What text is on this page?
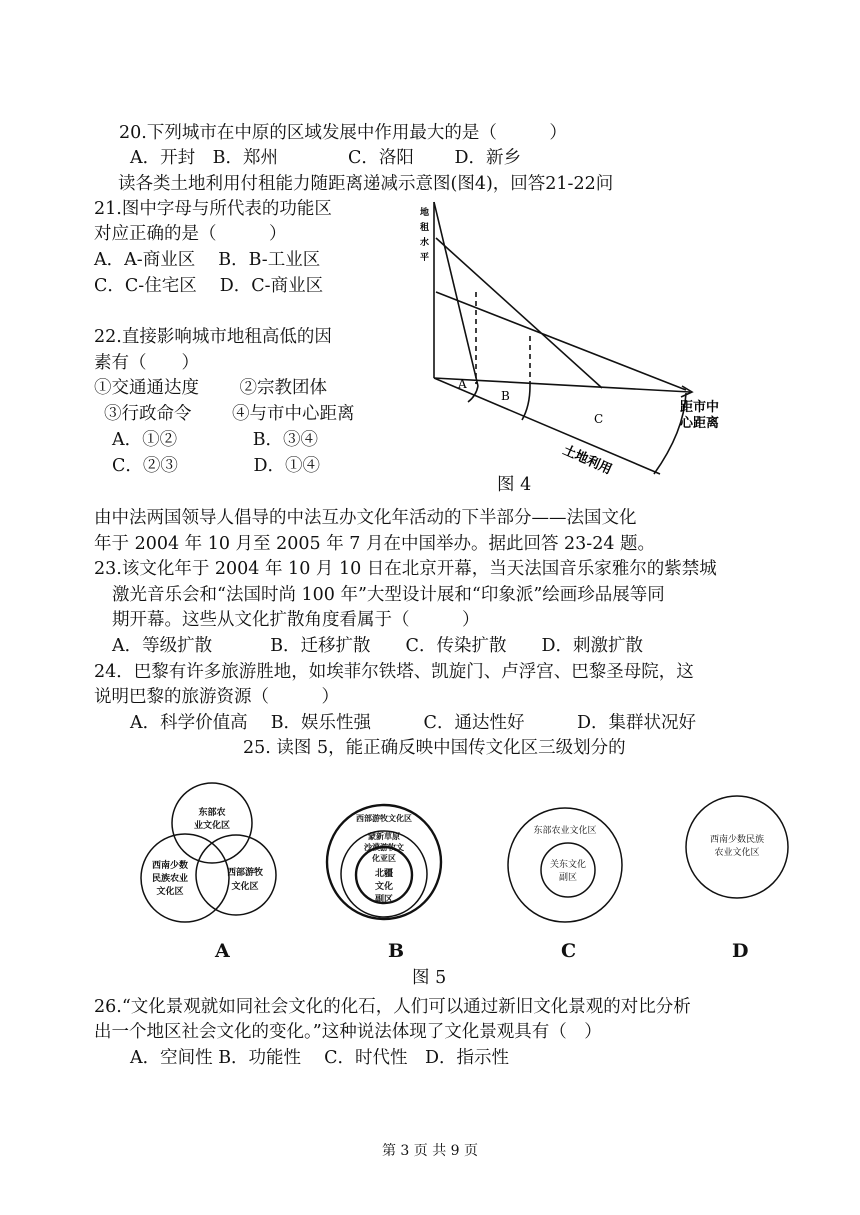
20.下列城市在中原的区域发展中作用最大的是（　　　）
A．开封　B．郑州　　　　C．洛阳　　 D．新乡
读各类土地利用付租能力随距离递减示意图(图4)，回答21-22问
21.图中字母与所代表的功能区
对应正确的是（　　　）
A．A-商业区　 B．B-工业区
C．C-住宅区　 D．C-商业区
22.直接影响城市地租高低的因
素有（　　）
①交通通达度　　 ②宗教团体
③行政命令　　 ④与市中心距离
A．①②　　　　 B．③④
C．②③　　　　 D．①④
地
租
水
平
距市中
心距离
土地利用
A
B
C
图 4
由中法两国领导人倡导的中法互办文化年活动的下半部分——法国文化
年于 2004 年 10 月至 2005 年 7 月在中国举办。据此回答 23-24 题。
23.该文化年于 2004 年 10 月 10 日在北京开幕，当天法国音乐家雅尔的紫禁城
激光音乐会和“法国时尚 100 年”大型设计展和“印象派”绘画珍品展等同
期开幕。这些从文化扩散角度看属于（　　　）
A．等级扩散　　　 B．迁移扩散　　C．传染扩散　　D．刺激扩散
24．巴黎有许多旅游胜地，如埃菲尔铁塔、凯旋门、卢浮宫、巴黎圣母院，这
说明巴黎的旅游资源（　　　）
A．科学价值高　 B．娱乐性强　　　C．通达性好　　　D．集群状况好
25. 读图 5，能正确反映中国传文化区三级划分的
东部农
业文化区
西南少数
民族农业
文化区
西部游牧
文化区
西部游牧文化区
蒙新草原
沙漠游牧文
化亚区
北疆
文化
副区
东部农业文化区
关东文化
副区
西南少数民族
农业文化区
A	B	C	D
图 5
26.“文化景观就如同社会文化的化石，人们可以通过新旧文化景观的对比分析
出一个地区社会文化的变化。”这种说法体现了文化景观具有（　）
A．空间性 B．功能性　 C．时代性　D．指示性
第 3 页 共 9 页
